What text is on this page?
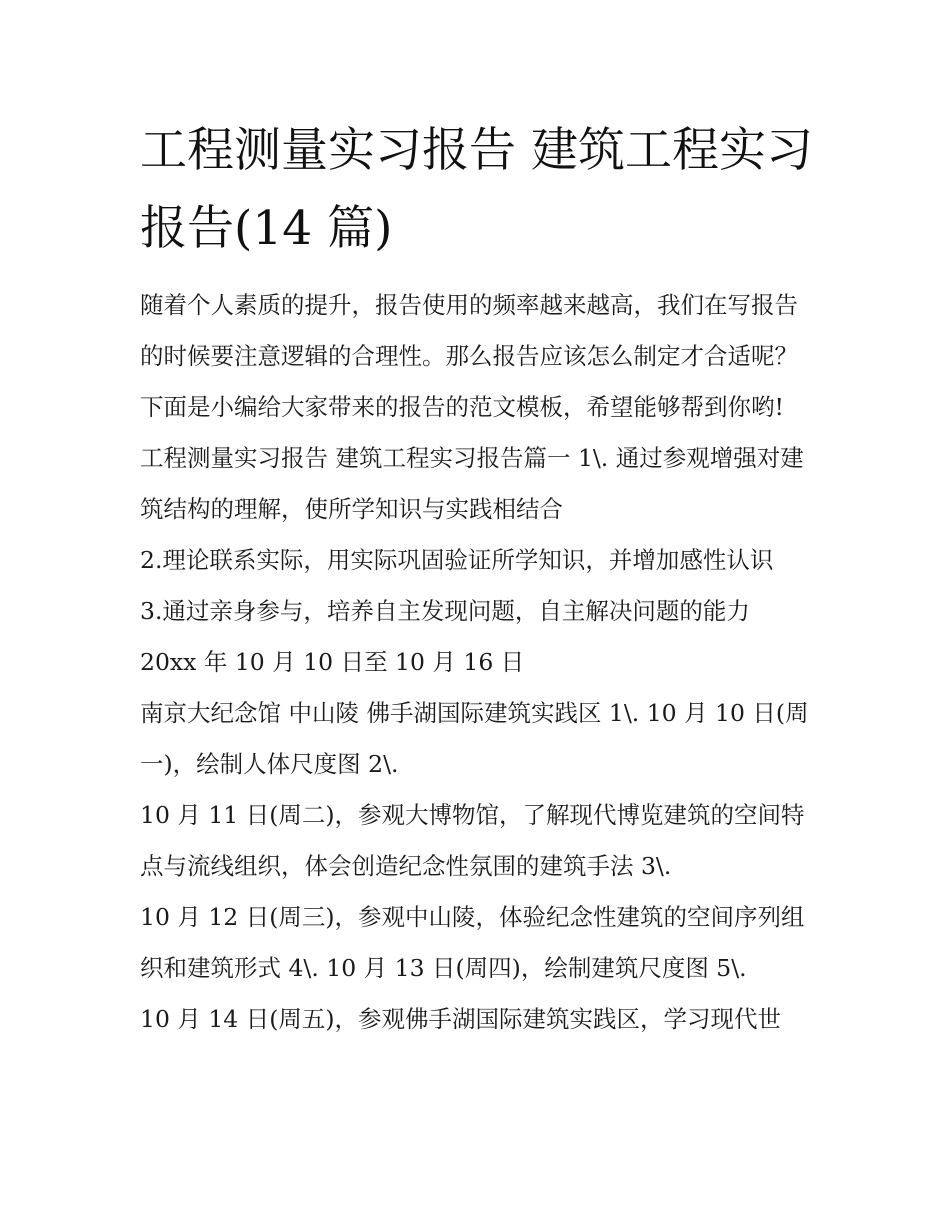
工程测量实习报告 建筑工程实习报告(14 篇)

随着个人素质的提升，报告使用的频率越来越高，我们在写报告的时候要注意逻辑的合理性。那么报告应该怎么制定才合适呢？下面是小编给大家带来的报告的范文模板，希望能够帮到你哟!

工程测量实习报告 建筑工程实习报告篇一 1\. 通过参观增强对建筑结构的理解，使所学知识与实践相结合

2.理论联系实际，用实际巩固验证所学知识，并增加感性认识

3.通过亲身参与，培养自主发现问题，自主解决问题的能力

20xx 年 10 月 10 日至 10 月 16 日

南京大纪念馆 中山陵 佛手湖国际建筑实践区 1\. 10 月 10 日(周一)，绘制人体尺度图 2\.

10 月 11 日(周二)，参观大博物馆，了解现代博览建筑的空间特点与流线组织，体会创造纪念性氛围的建筑手法 3\.

10 月 12 日(周三)，参观中山陵，体验纪念性建筑的空间序列组织和建筑形式 4\. 10 月 13 日(周四)，绘制建筑尺度图 5\.

10 月 14 日(周五)，参观佛手湖国际建筑实践区，学习现代世
